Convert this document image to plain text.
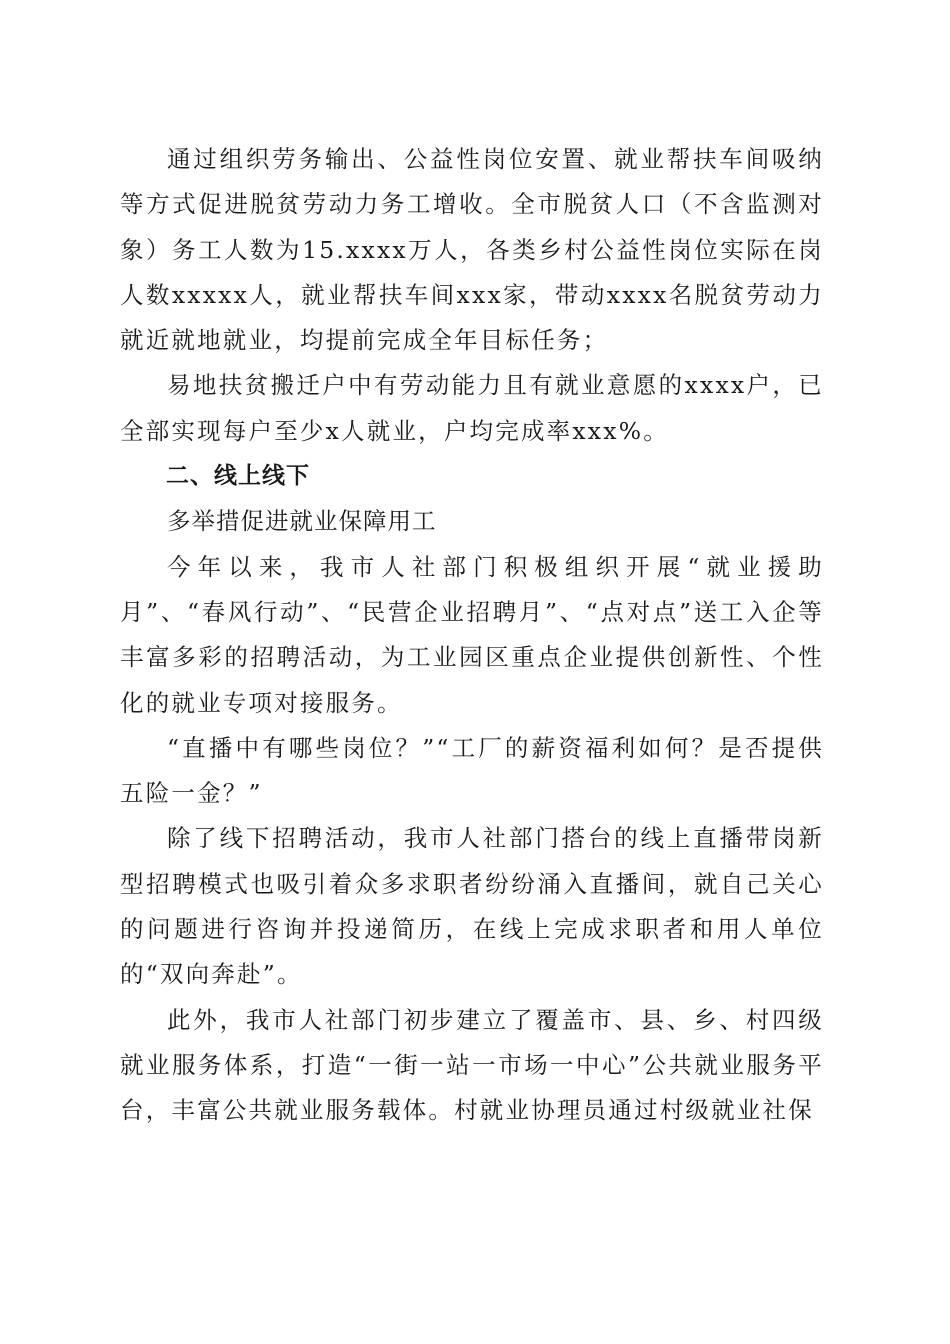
通过组织劳务输出、公益性岗位安置、就业帮扶车间吸纳等方式促进脱贫劳动力务工增收。全市脱贫人口（不含监测对象）务工人数为15.xxxx万人，各类乡村公益性岗位实际在岗人数xxxxx人，就业帮扶车间xxx家，带动xxxx名脱贫劳动力就近就地就业，均提前完成全年目标任务；

易地扶贫搬迁户中有劳动能力且有就业意愿的xxxx户，已全部实现每户至少x人就业，户均完成率xxx%。

二、线上线下

多举措促进就业保障用工

今年以来，我市人社部门积极组织开展“就业援助月”、“春风行动”、“民营企业招聘月”、“点对点”送工入企等丰富多彩的招聘活动，为工业园区重点企业提供创新性、个性化的就业专项对接服务。

“直播中有哪些岗位？”“工厂的薪资福利如何？是否提供五险一金？”

除了线下招聘活动，我市人社部门搭台的线上直播带岗新型招聘模式也吸引着众多求职者纷纷涌入直播间，就自己关心的问题进行咨询并投递简历，在线上完成求职者和用人单位的“双向奔赴”。

此外，我市人社部门初步建立了覆盖市、县、乡、村四级就业服务体系，打造“一街一站一市场一中心”公共就业服务平台，丰富公共就业服务载体。村就业协理员通过村级就业社保
